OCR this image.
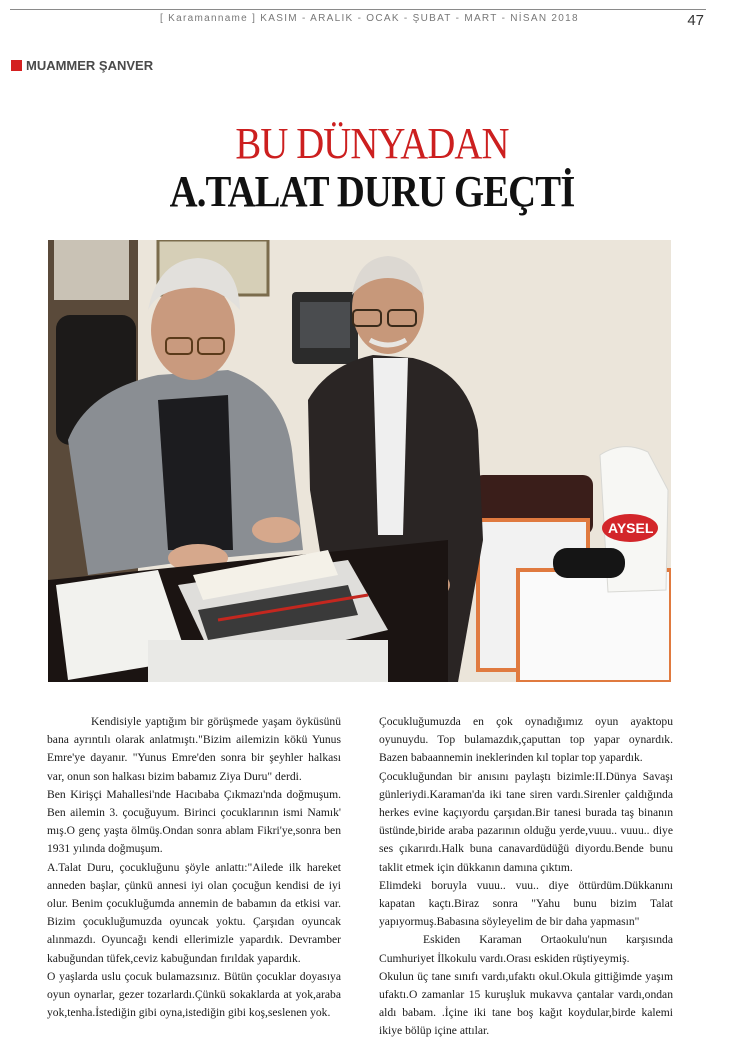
[ Karamanname ] KASIM - ARALIK - OCAK - ŞUBAT - MART - NİSAN 2018	47
MUAMMER ŞANVER
BU DÜNYADAN
A.TALAT DURU GEÇTİ
AYSEL

Kendisiyle yaptığım bir görüşmede yaşam öyküsünü bana ayrıntılı olarak anlatmıştı."Bizim ailemizin kökü Yunus Emre'ye dayanır. "Yunus Emre'den sonra bir şeyhler halkası var, onun son halkası bizim babamız Ziya Duru" derdi.

Ben Kirişçi Mahallesi'nde Hacıbaba Çıkmazı'nda doğmuşum. Ben ailemin 3. çocuğuyum. Birinci çocuklarının ismi Namık' mış.O genç yaşta ölmüş.Ondan sonra ablam Fikri'ye,sonra ben 1931 yılında doğmuşum.

A.Talat Duru, çocukluğunu şöyle anlattı:"Ailede ilk hareket anneden başlar, çünkü annesi iyi olan çocuğun kendisi de iyi olur. Benim çocukluğumda annemin de babamın da etkisi var. Bizim çocukluğumuzda oyuncak yoktu. Çarşıdan oyuncak alınmazdı. Oyuncağı kendi ellerimizle yapardık. Devramber kabuğundan tüfek,ceviz kabuğundan fırıldak yapardık.

O yaşlarda uslu çocuk bulamazsınız. Bütün çocuklar doyasıya oyun oynarlar, gezer tozarlardı.Çünkü sokaklarda at yok,araba yok,tenha.İstediğin gibi oyna,istediğin gibi koş,seslenen yok.

Çocukluğumuzda en çok oynadığımız oyun ayaktopu oyunuydu. Top bulamazdık,çaputtan top yapar oynardık. Bazen babaannemin ineklerinden kıl toplar top yapardık.

Çocukluğundan bir anısını paylaştı bizimle:II.Dünya Savaşı günleriydi.Karaman'da iki tane siren vardı.Sirenler çaldığında herkes evine kaçıyordu çarşıdan.Bir tanesi burada taş binanın üstünde,biride araba pazarının olduğu yerde,vuuu.. vuuu.. diye ses çıkarırdı.Halk buna canavardüdüğü diyordu.Bende bunu taklit etmek için dükkanın damına çıktım.

Elimdeki boruyla vuuu.. vuu.. diye öttürdüm.Dükkanını kapatan kaçtı.Biraz sonra "Yahu bunu bizim Talat yapıyormuş.Babasına söyleyelim de bir daha yapmasın"

Eskiden Karaman Ortaokulu'nun karşısında Cumhuriyet İlkokulu vardı.Orası eskiden rüştiyeymiş.

Okulun üç tane sınıfı vardı,ufaktı okul.Okula gittiğimde yaşım ufaktı.O zamanlar 15 kuruşluk mukavva çantalar vardı,ondan aldı babam. .İçine iki tane boş kağıt koydular,birde kalemi ikiye bölüp içine attılar.
